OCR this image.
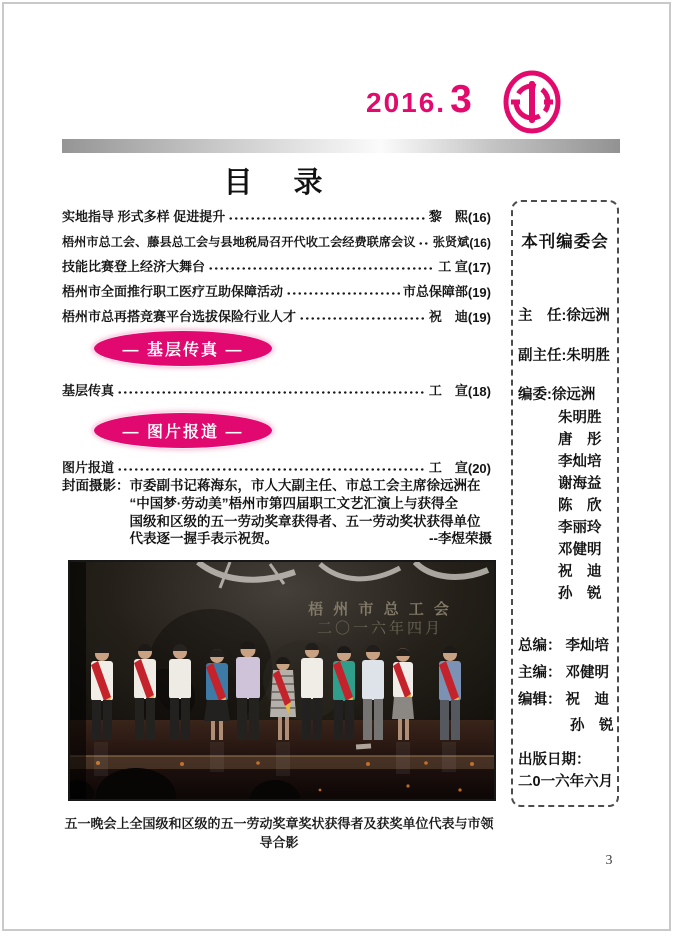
2016. 3
目　录
实地指导 形式多样 促进提升	黎　熙 (16)
梧州市总工会、藤县总工会与县地税局召开代收工会经费联席会议 张贤斌 (16)
技能比赛登上经济大舞台	工 宣 (17)
梧州市全面推行职工医疗互助保障活动	市总保障部 (19)
梧州市总再搭竞赛平台选拔保险行业人才	祝　迪 (19)
— 基层传真 —
基层传真	工　宣 (18)
— 图片报道 —
图片报道	工　宣 (20)
封面摄影： 市委副书记蒋海东，市人大副主任、市总工会主席徐远洲在
“中国梦·劳动美”梧州市第四届职工文艺汇演上与获得全
国级和区级的五一劳动奖章获得者、五一劳动奖状获得单位
代表逐一握手表示祝贺。	--李煜荣摄
梧 州 市 总 工 会
二〇一六年四月
五一晚会上全国级和区级的五一劳动奖章奖状获得者及获奖单位代表与市领导合影
本刊编委会
主　任:徐远洲
副主任:朱明胜
编委:徐远洲
朱明胜
唐　彤
李灿培
谢海益
陈　欣
李丽玲
邓健明
祝　迪
孙　锐
总编： 李灿培
主编： 邓健明
编辑： 祝　迪
孙　锐
出版日期：
二0一六年六月
3
